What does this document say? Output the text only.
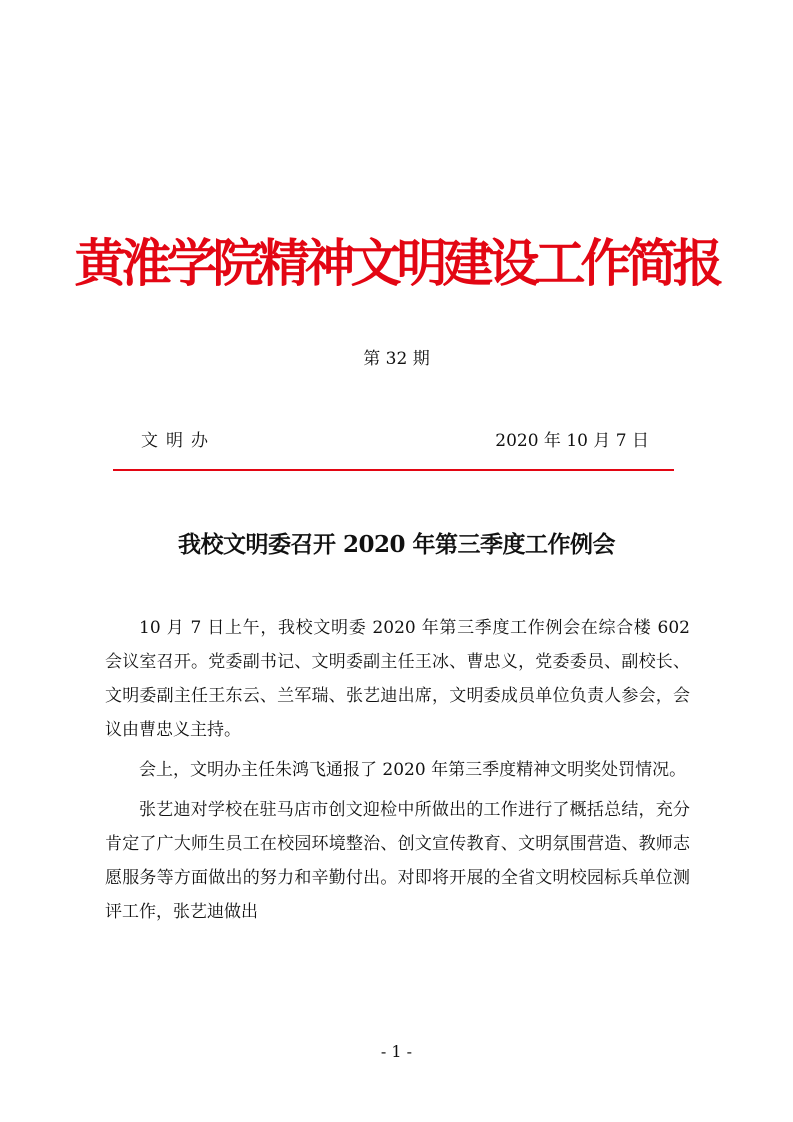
黄淮学院精神文明建设工作简报
第 32 期
文明办	2020 年 10 月 7 日
我校文明委召开 2020 年第三季度工作例会

10 月 7 日上午，我校文明委 2020 年第三季度工作例会在综合楼 602 会议室召开。党委副书记、文明委副主任王冰、曹忠义，党委委员、副校长、文明委副主任王东云、兰军瑞、张艺迪出席，文明委成员单位负责人参会，会议由曹忠义主持。

会上，文明办主任朱鸿飞通报了 2020 年第三季度精神文明奖处罚情况。

张艺迪对学校在驻马店市创文迎检中所做出的工作进行了概括总结，充分肯定了广大师生员工在校园环境整治、创文宣传教育、文明氛围营造、教师志愿服务等方面做出的努力和辛勤付出。对即将开展的全省文明校园标兵单位测评工作，张艺迪做出

- 1 -
